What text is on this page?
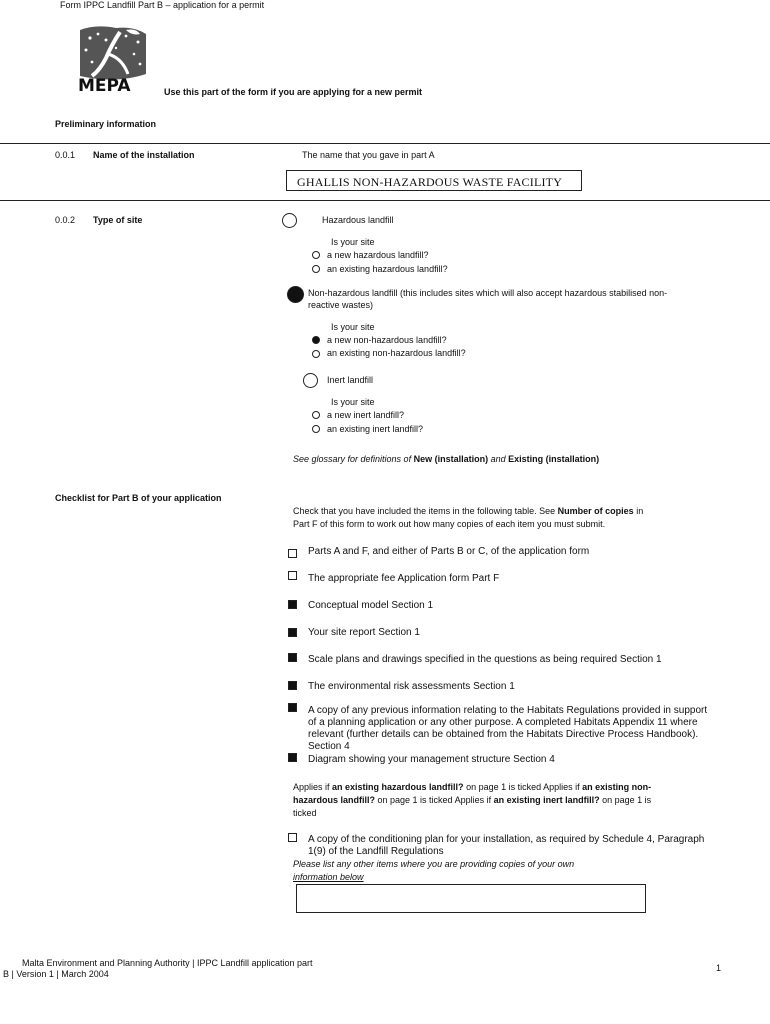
Form IPPC Landfill Part B – application for a permit
MEPA	Use this part of the form if you are applying for a new permit
Preliminary information
0.0.1 Name of the installation	The name that you gave in part A
GHALLIS NON-HAZARDOUS WASTE FACILITY
0.0.2 Type of site	Hazardous landfill
Is your site
a new hazardous landfill?
an existing hazardous landfill?
Non-hazardous landfill (this includes sites which will also accept hazardous stabilised non-
reactive wastes)
Is your site
a new non-hazardous landfill?
an existing non-hazardous landfill?
Inert landfill
Is your site
a new inert landfill?
an existing inert landfill?
See glossary for definitions of New (installation) and Existing (installation)
Checklist for Part B of your application
Check that you have included the items in the following table. See Number of copies in
Part F of this form to work out how many copies of each item you must submit.
Parts A and F, and either of Parts B or C, of the application form
The appropriate fee Application form Part F
Conceptual model Section 1
Your site report Section 1
Scale plans and drawings specified in the questions as being required Section 1
The environmental risk assessments Section 1
A copy of any previous information relating to the Habitats Regulations provided in support
of a planning application or any other purpose. A completed Habitats Appendix 11 where
relevant (further details can be obtained from the Habitats Directive Process Handbook).
Section 4
Diagram showing your management structure Section 4
Applies if an existing hazardous landfill? on page 1 is ticked Applies if an existing non-
hazardous landfill? on page 1 is ticked Applies if an existing inert landfill? on page 1 is
ticked
A copy of the conditioning plan for your installation, as required by Schedule 4, Paragraph
1(9) of the Landfill Regulations
Please list any other items where you are providing copies of your own
information below
Malta Environment and Planning Authority | IPPC Landfill application part
B | Version 1 | March 2004
1
